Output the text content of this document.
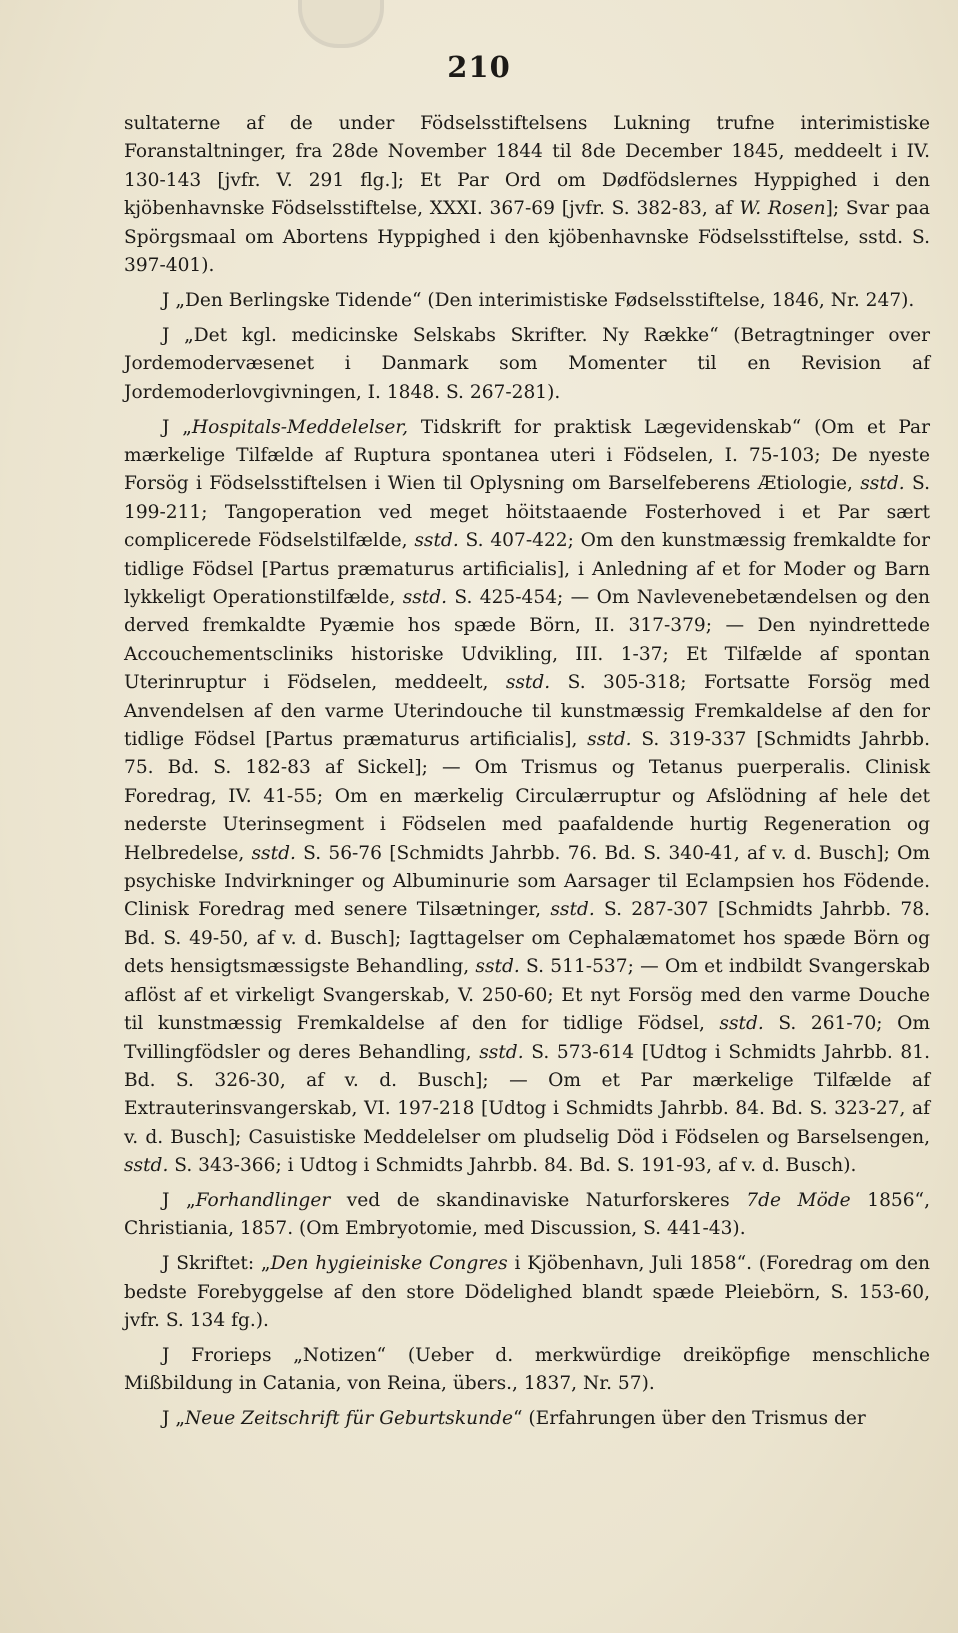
210

sultaterne af de under Födselsstiftelsens Lukning trufne interimistiske Foranstaltninger, fra 28de November 1844 til 8de December 1845, meddeelt i IV. 130-143 [jvfr. V. 291 flg.]; Et Par Ord om Dødfödslernes Hyppighed i den kjöbenhavnske Födselsstiftelse, XXXI. 367-69 [jvfr. S. 382-83, af W. Rosen]; Svar paa Spörgsmaal om Abortens Hyppighed i den kjöbenhavnske Födselsstiftelse, sstd. S. 397-401).

J „Den Berlingske Tidende“ (Den interimistiske Fødselsstiftelse, 1846, Nr. 247).

J „Det kgl. medicinske Selskabs Skrifter. Ny Række“ (Betragtninger over Jordemodervæsenet i Danmark som Momenter til en Revision af Jordemoderlovgivningen, I. 1848. S. 267-281).

J „Hospitals-Meddelelser, Tidskrift for praktisk Lægevidenskab“ (Om et Par mærkelige Tilfælde af Ruptura spontanea uteri i Födselen, I. 75-103; De nyeste Forsög i Födselsstiftelsen i Wien til Oplysning om Barselfeberens Ætiologie, sstd. S. 199-211; Tangoperation ved meget höitstaaende Fosterhoved i et Par sært complicerede Födselstilfælde, sstd. S. 407-422; Om den kunstmæssig fremkaldte for tidlige Födsel [Partus præmaturus artificialis], i Anledning af et for Moder og Barn lykkeligt Operationstilfælde, sstd. S. 425-454; — Om Navlevenebetændelsen og den derved fremkaldte Pyæmie hos spæde Börn, II. 317-379; — Den nyindrettede Accouchementsclinіks historiske Udvikling, III. 1-37; Et Tilfælde af spontan Uterinruptur i Födselen, meddeelt, sstd. S. 305-318; Fortsatte Forsög med Anvendelsen af den varme Uterindouche til kunstmæssig Fremkaldelse af den for tidlige Födsel [Partus præmaturus artificialis], sstd. S. 319-337 [Schmidts Jahrbb. 75. Bd. S. 182-83 af Sickel]; — Om Trismus og Tetanus puerperalis. Clinisk Foredrag, IV. 41-55; Om en mærkelig Circulærruptur og Afslödning af hele det nederste Uterinsegment i Födselen med paafaldende hurtig Regeneration og Helbredelse, sstd. S. 56-76 [Schmidts Jahrbb. 76. Bd. S. 340-41, af v. d. Busch]; Om psychiske Indvirkninger og Albuminurie som Aarsager til Eclampsien hos Födende. Clinisk Foredrag med senere Tilsætninger, sstd. S. 287-307 [Schmidts Jahrbb. 78. Bd. S. 49-50, af v. d. Busch]; Iagttagelser om Cephalæmatomet hos spæde Börn og dets hensigtsmæssigste Behandling, sstd. S. 511-537; — Om et indbildt Svangerskab aflöst af et virkeligt Svangerskab, V. 250-60; Et nyt Forsög med den varme Douche til kunstmæssig Fremkaldelse af den for tidlige Födsel, sstd. S. 261-70; Om Tvillingfödsler og deres Behandling, sstd. S. 573-614 [Udtog i Schmidts Jahrbb. 81. Bd. S. 326-30, af v. d. Busch]; — Om et Par mærkelige Tilfælde af Extrauterinsvangerskab, VI. 197-218 [Udtog i Schmidts Jahrbb. 84. Bd. S. 323-27, af v. d. Busch]; Casuistiske Meddelelser om pludselig Död i Födselen og Barselsengen, sstd. S. 343-366; i Udtog i Schmidts Jahrbb. 84. Bd. S. 191-93, af v. d. Busch).

J „Forhandlinger ved de skandinaviske Naturforskeres 7de Möde 1856“, Christiania, 1857. (Om Embryotomie, med Discussion, S. 441-43).

J Skriftet: „Den hygieiniske Congres i Kjöbenhavn, Juli 1858“. (Foredrag om den bedste Forebyggelse af den store Dödelighed blandt spæde Pleiebörn, S. 153-60, jvfr. S. 134 fg.).

J Frorieps „Notizen“ (Ueber d. merkwürdige dreiköpfige menschliche Mißbildung in Catania, von Reina, übers., 1837, Nr. 57).

J „Neue Zeitschrift für Geburtskunde“ (Erfahrungen über den Trismus der
